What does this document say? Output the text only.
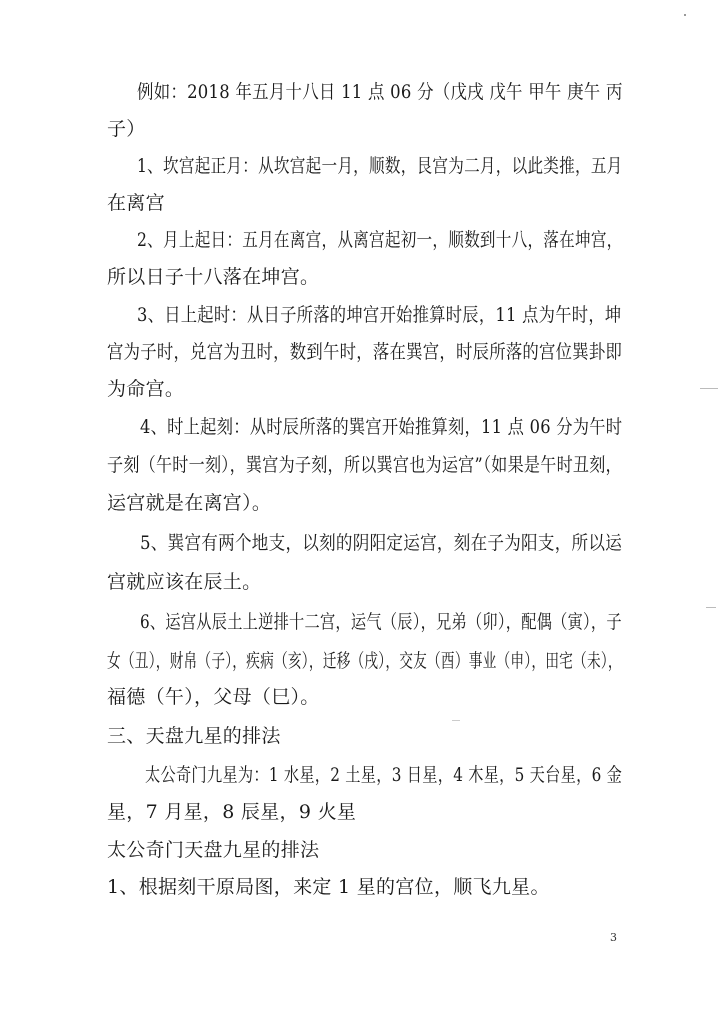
例如：2018 年五月十八日 11 点 06 分（戊戌 戊午 甲午 庚午 丙
子）
1、坎宫起正月：从坎宫起一月，顺数，艮宫为二月，以此类推，五月
在离宫
2、月上起日：五月在离宫，从离宫起初一，顺数到十八，落在坤宫，
所以日子十八落在坤宫。
3、日上起时：从日子所落的坤宫开始推算时辰，11 点为午时，坤
宫为子时，兑宫为丑时，数到午时，落在巽宫，时辰所落的宫位巽卦即
为命宫。
4、时上起刻：从时辰所落的巽宫开始推算刻，11 点 06 分为午时
子刻（午时一刻），巽宫为子刻，所以巽宫也为运宫”（如果是午时丑刻，
运宫就是在离宫）。
5、巽宫有两个地支，以刻的阴阳定运宫，刻在子为阳支，所以运
宫就应该在辰土。
6、运宫从辰土上逆排十二宫，运气（辰），兄弟（卯），配偶（寅），子
女（丑），财帛（子），疾病（亥），迁移（戌），交友（酉）事业（申），田宅（未），
福德（午），父母（巳）。
三、天盘九星的排法
太公奇门九星为：1 水星，2 土星，3 日星，4 木星，5 天台星，6 金
星，7 月星，8 辰星，9 火星
太公奇门天盘九星的排法
1、根据刻干原局图，来定 1 星的宫位，顺飞九星。
3
